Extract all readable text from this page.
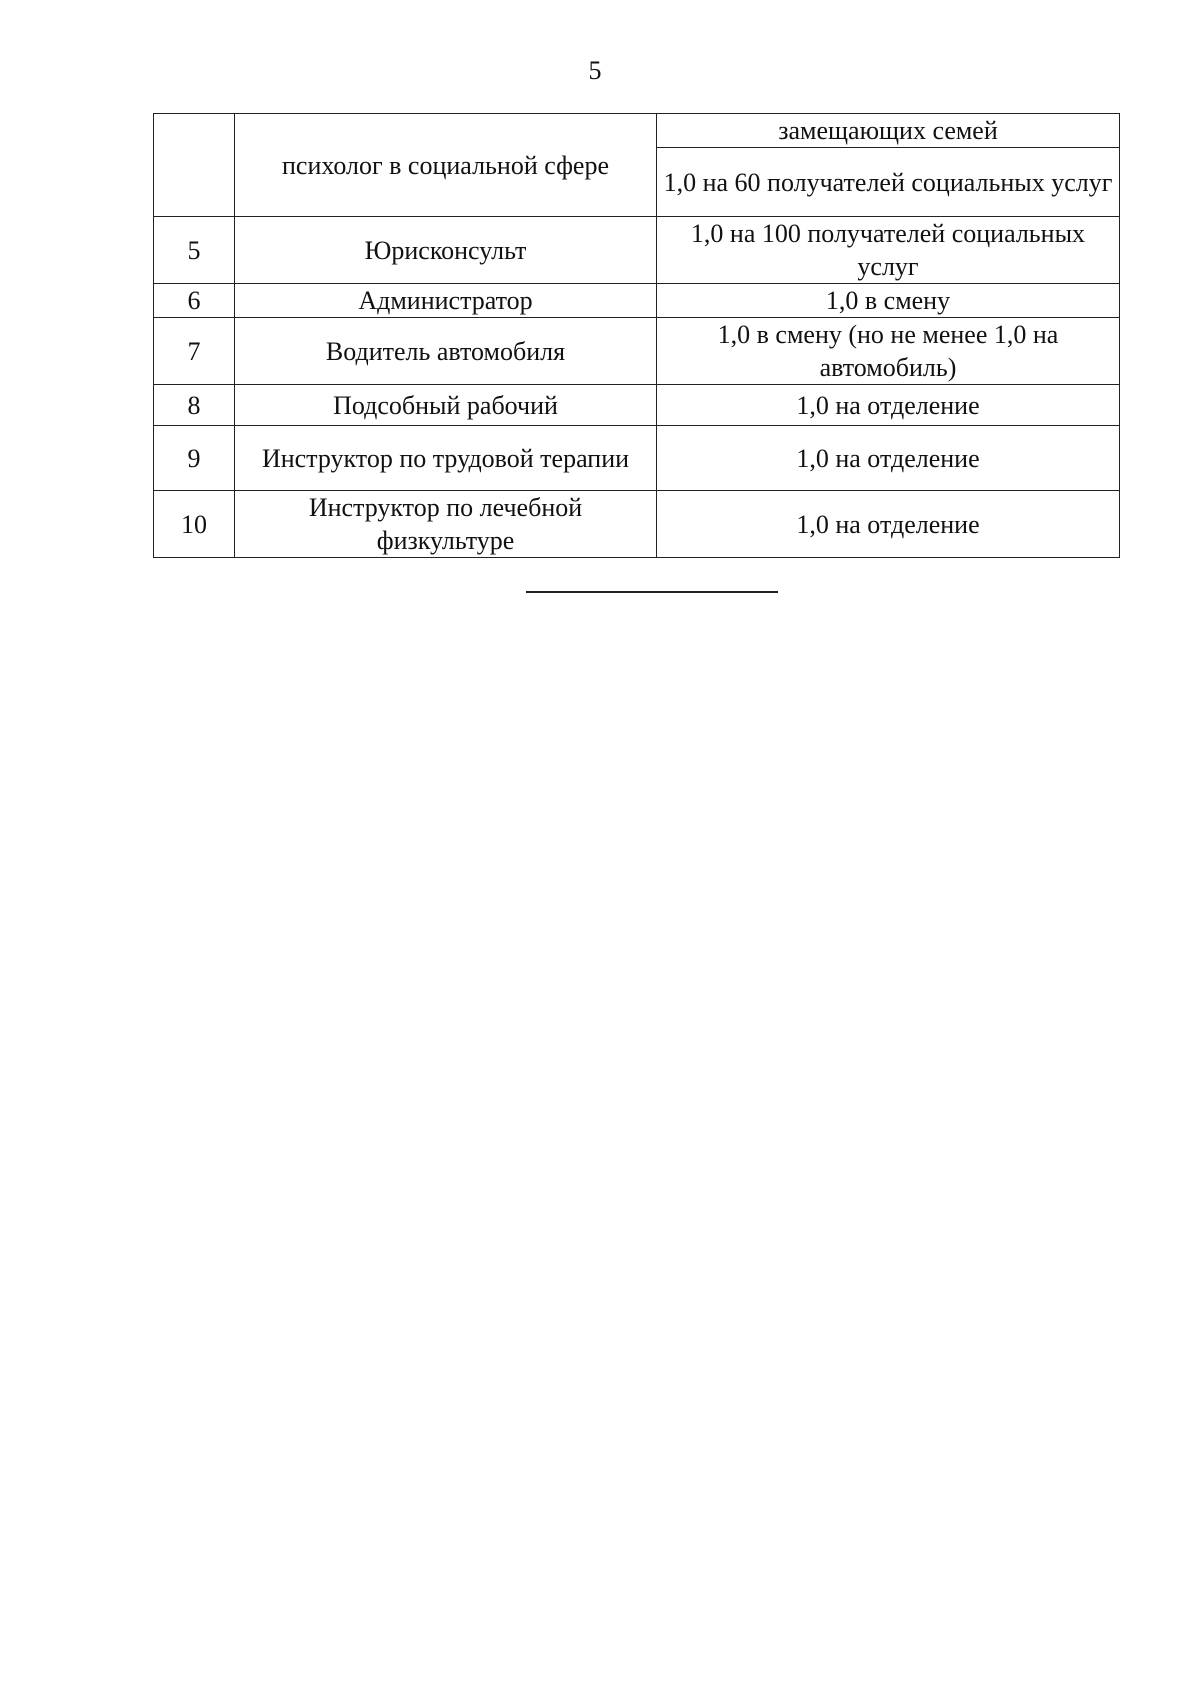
5
	психолог в социальной сфере	замещающих семей
		1,0 на 60 получателей социальных услуг
5	Юрисконсульт	1,0 на 100 получателей социальных услуг
6	Администратор	1,0 в смену
7	Водитель автомобиля	1,0 в смену (но не менее 1,0 на автомобиль)
8	Подсобный рабочий	1,0 на отделение
9	Инструктор по трудовой терапии	1,0 на отделение
10	Инструктор по лечебной физкультуре	1,0 на отделение
